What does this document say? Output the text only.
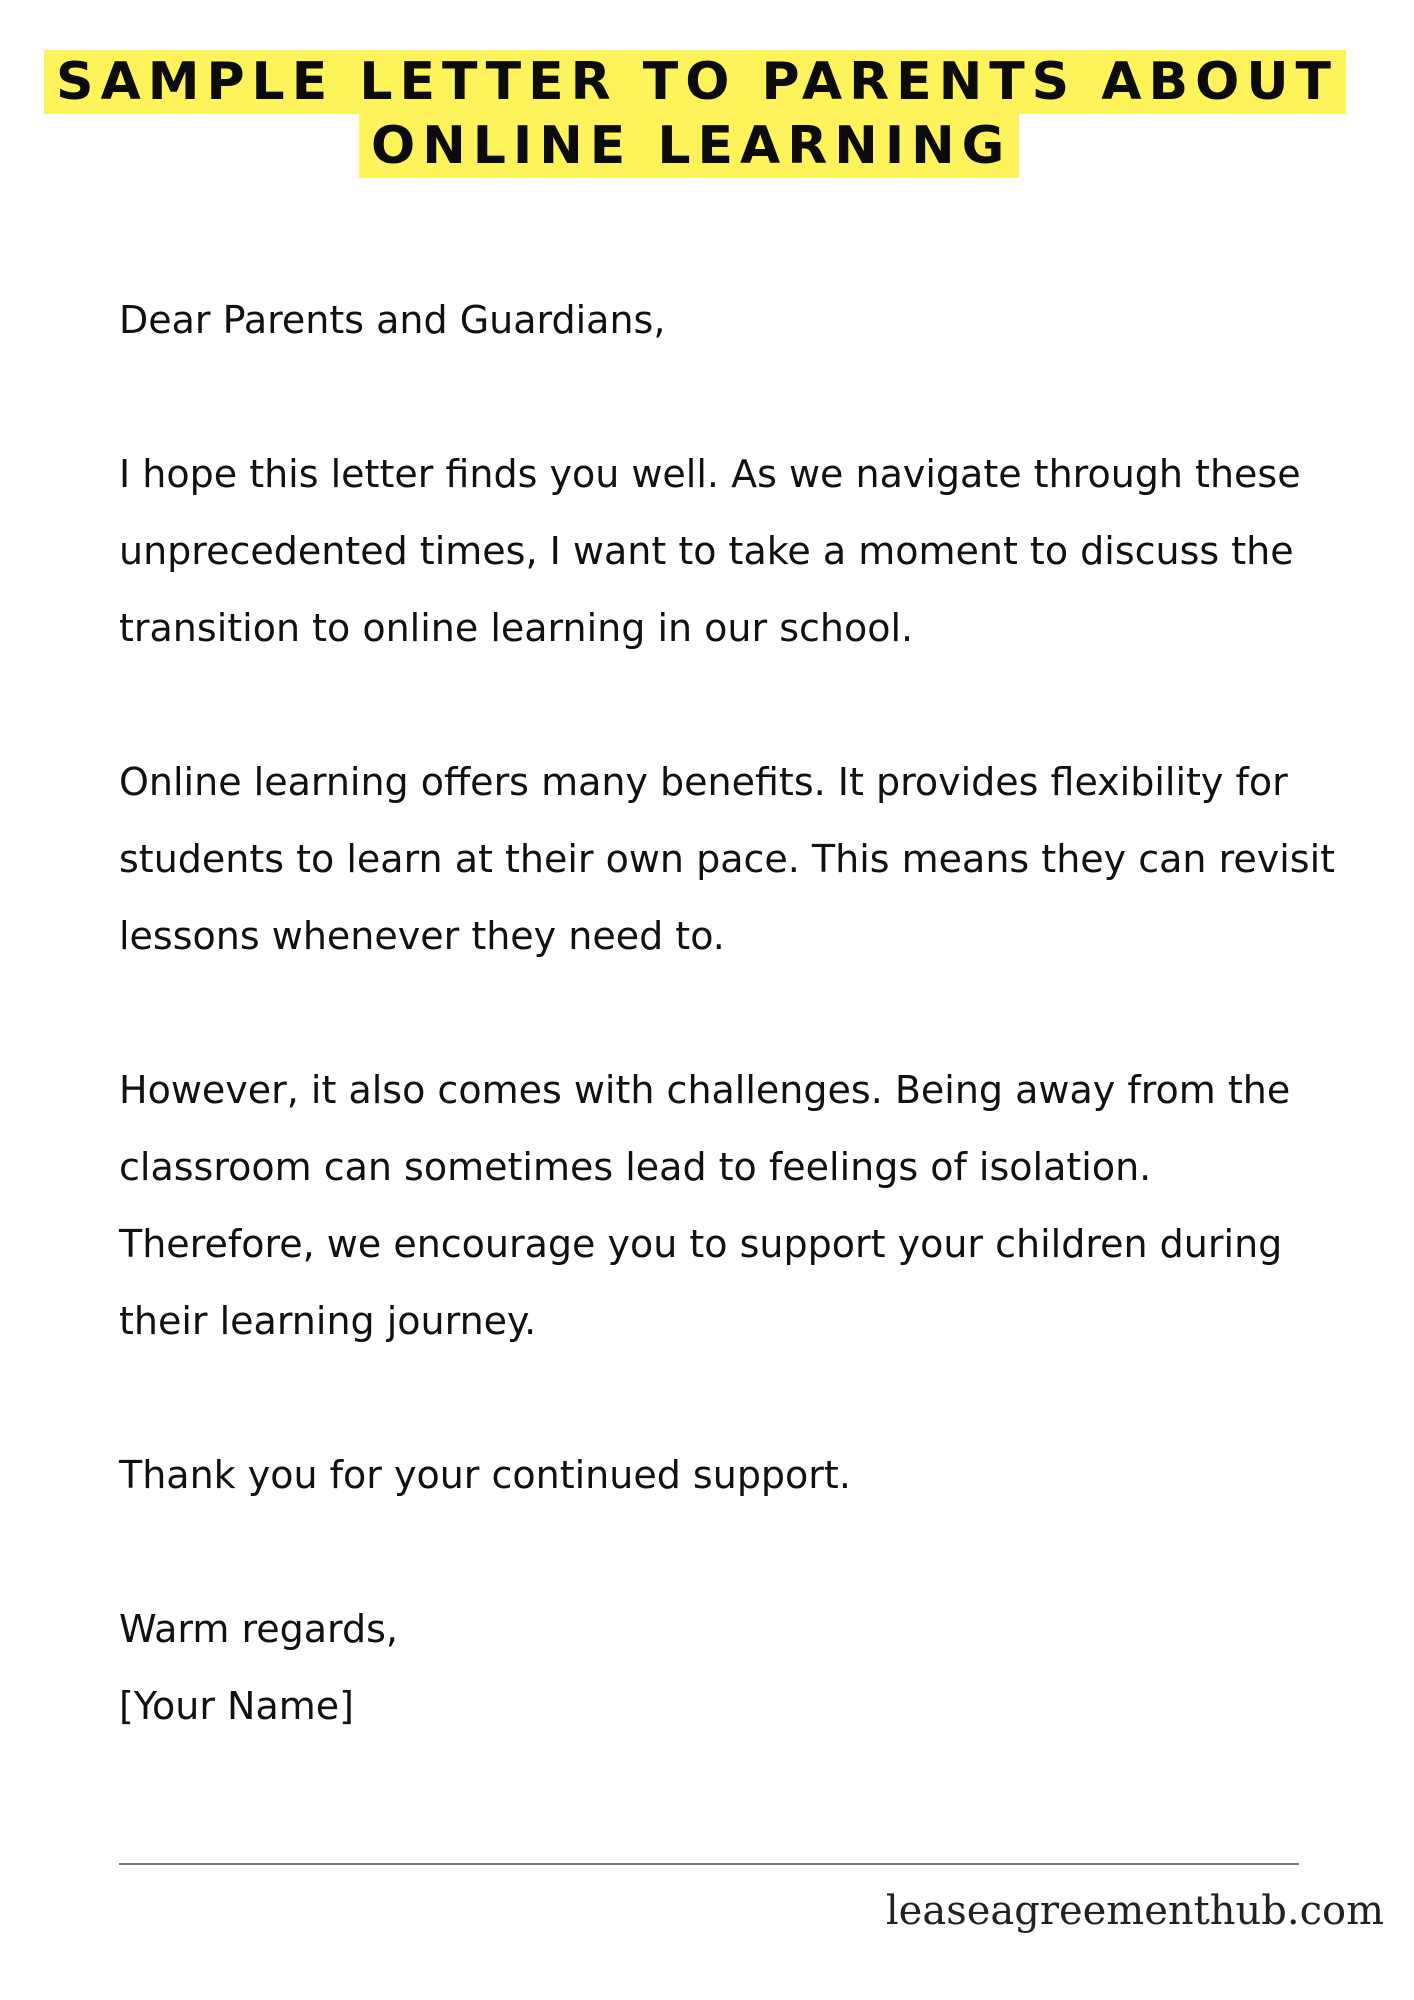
SAMPLE LETTER TO PARENTS ABOUT
ONLINE LEARNING

Dear Parents and Guardians,

I hope this letter finds you well. As we navigate through these unprecedented times, I want to take a moment to discuss the transition to online learning in our school.

Online learning offers many benefits. It provides flexibility for students to learn at their own pace. This means they can revisit lessons whenever they need to.

However, it also comes with challenges. Being away from the classroom can sometimes lead to feelings of isolation. Therefore, we encourage you to support your children during their learning journey.

Thank you for your continued support.

Warm regards,
[Your Name]
leaseagreementhub.com
